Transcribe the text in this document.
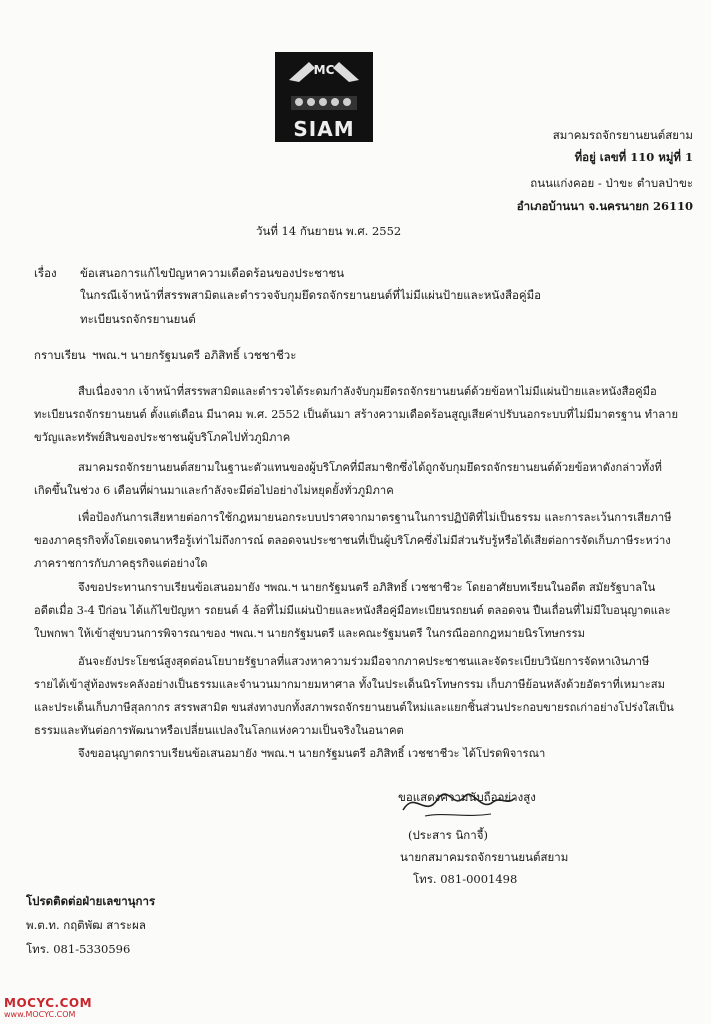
MC
SIAM	สมาคมรถจักรยานยนต์สยาม
ที่อยู่ เลขที่ 110 หมู่ที่ 1
ถนนแก่งคอย - ป่าขะ ตำบลป่าขะ
อำเภอบ้านนา จ.นครนายก 26110
วันที่ 14 กันยายน พ.ศ. 2552
เรื่อง ข้อเสนอการแก้ไขปัญหาความเดือดร้อนของประชาชน
ในกรณีเจ้าหน้าที่สรรพสามิตและตำรวจจับกุมยึดรถจักรยานยนต์ที่ไม่มีแผ่นป้ายและหนังสือคู่มือ
ทะเบียนรถจักรยานยนต์
กราบเรียน ฯพณ.ฯ นายกรัฐมนตรี อภิสิทธิ์ เวชชาชีวะ
สืบเนื่องจาก เจ้าหน้าที่สรรพสามิตและตำรวจได้ระดมกำลังจับกุมยึดรถจักรยานยนต์ด้วยข้อหาไม่มีแผ่นป้ายและหนังสือคู่มือ
ทะเบียนรถจักรยานยนต์ ตั้งแต่เดือน มีนาคม พ.ศ. 2552 เป็นต้นมา สร้างความเดือดร้อนสูญเสียค่าปรับนอกระบบที่ไม่มีมาตรฐาน ทำลาย
ขวัญและทรัพย์สินของประชาชนผู้บริโภคไปทั่วภูมิภาค
สมาคมรถจักรยานยนต์สยามในฐานะตัวแทนของผู้บริโภคที่มีสมาชิกซึ่งได้ถูกจับกุมยึดรถจักรยานยนต์ด้วยข้อหาดังกล่าวทั้งที่
เกิดขึ้นในช่วง 6 เดือนที่ผ่านมาและกำลังจะมีต่อไปอย่างไม่หยุดยั้งทั่วภูมิภาค
เพื่อป้องกันการเสียหายต่อการใช้กฎหมายนอกระบบปราศจากมาตรฐานในการปฏิบัติที่ไม่เป็นธรรม และการละเว้นการเสียภาษี
ของภาคธุรกิจทั้งโดยเจตนาหรือรู้เท่าไม่ถึงการณ์ ตลอดจนประชาชนที่เป็นผู้บริโภคซึ่งไม่มีส่วนรับรู้หรือได้เสียต่อการจัดเก็บภาษีระหว่าง
ภาคราชการกับภาคธุรกิจแต่อย่างใด
จึงขอประทานกราบเรียนข้อเสนอมายัง ฯพณ.ฯ นายกรัฐมนตรี อภิสิทธิ์ เวชชาชีวะ โดยอาศัยบทเรียนในอดีต สมัยรัฐบาลใน
อดีตเมื่อ 3-4 ปีก่อน ได้แก้ไขปัญหา รถยนต์ 4 ล้อที่ไม่มีแผ่นป้ายและหนังสือคู่มือทะเบียนรถยนต์ ตลอดจน ปืนเถื่อนที่ไม่มีใบอนุญาตและ
ใบพกพา ให้เข้าสู่ขบวนการพิจารณาของ ฯพณ.ฯ นายกรัฐมนตรี และคณะรัฐมนตรี ในกรณีออกกฎหมายนิรโทษกรรม
อันจะยังประโยชน์สูงสุดต่อนโยบายรัฐบาลที่แสวงหาความร่วมมือจากภาคประชาชนและจัดระเบียบวินัยการจัดหาเงินภาษี
รายได้เข้าสู่ท้องพระคลังอย่างเป็นธรรมและจำนวนมากมายมหาศาล ทั้งในประเด็นนิรโทษกรรม เก็บภาษีย้อนหลังด้วยอัตราที่เหมาะสม
และประเด็นเก็บภาษีสุลกากร สรรพสามิต ขนส่งทางบกทั้งสภาพรถจักรยานยนต์ใหม่และแยกชิ้นส่วนประกอบขายรถเก่าอย่างโปร่งใสเป็น
ธรรมและทันต่อการพัฒนาหรือเปลี่ยนแปลงในโลกแห่งความเป็นจริงในอนาคต
จึงขออนุญาตกราบเรียนข้อเสนอมายัง ฯพณ.ฯ นายกรัฐมนตรี อภิสิทธิ์ เวชชาชีวะ ได้โปรดพิจารณา
ขอแสดงความนับถืออย่างสูง
(ประสาร นิกาจี้)
นายกสมาคมรถจักรยานยนต์สยาม
โทร. 081-0001498
โปรดติดต่อฝ่ายเลขานุการ
พ.ต.ท. กฤติพัฒ สาระผล
โทร. 081-5330596
MOCYC.COM
www.MOCYC.COM
